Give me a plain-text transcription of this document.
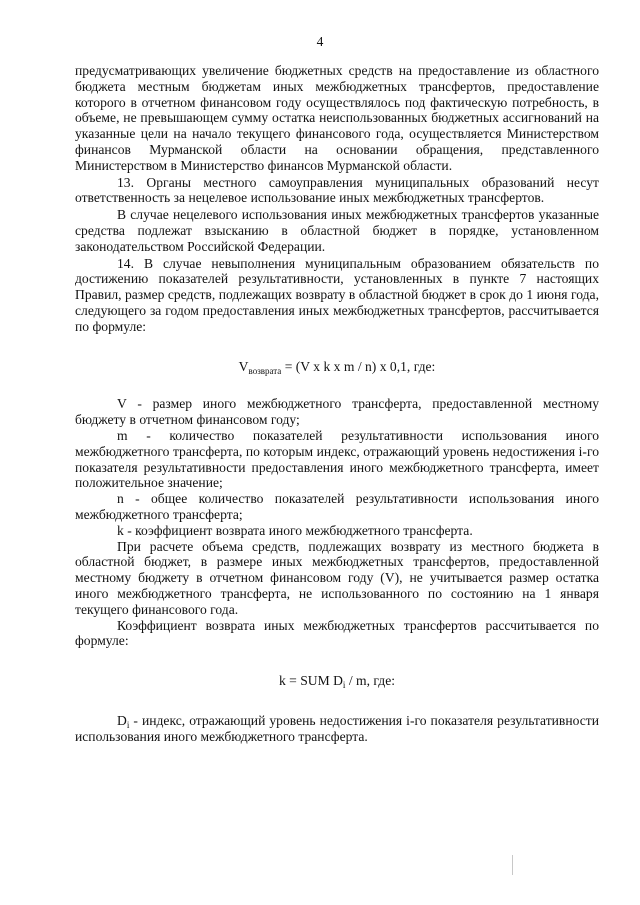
4

предусматривающих увеличение бюджетных средств на предоставление из областного бюджета местным бюджетам иных межбюджетных трансфертов, предоставление которого в отчетном финансовом году осуществлялось под фактическую потребность, в объеме, не превышающем сумму остатка неиспользованных бюджетных ассигнований на указанные цели на начало текущего финансового года, осуществляется Министерством финансов Мурманской области на основании обращения, представленного Министерством в Министерство финансов Мурманской области.

13. Органы местного самоуправления муниципальных образований несут ответственность за нецелевое использование иных межбюджетных трансфертов.

В случае нецелевого использования иных межбюджетных трансфертов указанные средства подлежат взысканию в областной бюджет в порядке, установленном законодательством Российской Федерации.

14. В случае невыполнения муниципальным образованием обязательств по достижению показателей результативности, установленных в пункте 7 настоящих Правил, размер средств, подлежащих возврату в областной бюджет в срок до 1 июня года, следующего за годом предоставления иных межбюджетных трансфертов, рассчитывается по формуле:

$V_{возврата} = (V$ x k x m / n) x 0,1, где:

V - размер иного межбюджетного трансферта, предоставленной местному бюджету в отчетном финансовом году;

m - количество показателей результативности использования иного межбюджетного трансферта, по которым индекс, отражающий уровень недостижения i-го показателя результативности предоставления иного межбюджетного трансферта, имеет положительное значение;

n - общее количество показателей результативности использования иного межбюджетного трансферта;

k - коэффициент возврата иного межбюджетного трансферта.

При расчете объема средств, подлежащих возврату из местного бюджета в областной бюджет, в размере иных межбюджетных трансфертов, предоставленной местному бюджету в отчетном финансовом году (V), не учитывается размер остатка иного межбюджетного трансферта, не использованного по состоянию на 1 января текущего финансового года.

Коэффициент возврата иных межбюджетных трансфертов рассчитывается по формуле:

k = SUM $D_i$ / m, где:

$D_i$ - индекс, отражающий уровень недостижения i-го показателя результативности использования иного межбюджетного трансферта.
